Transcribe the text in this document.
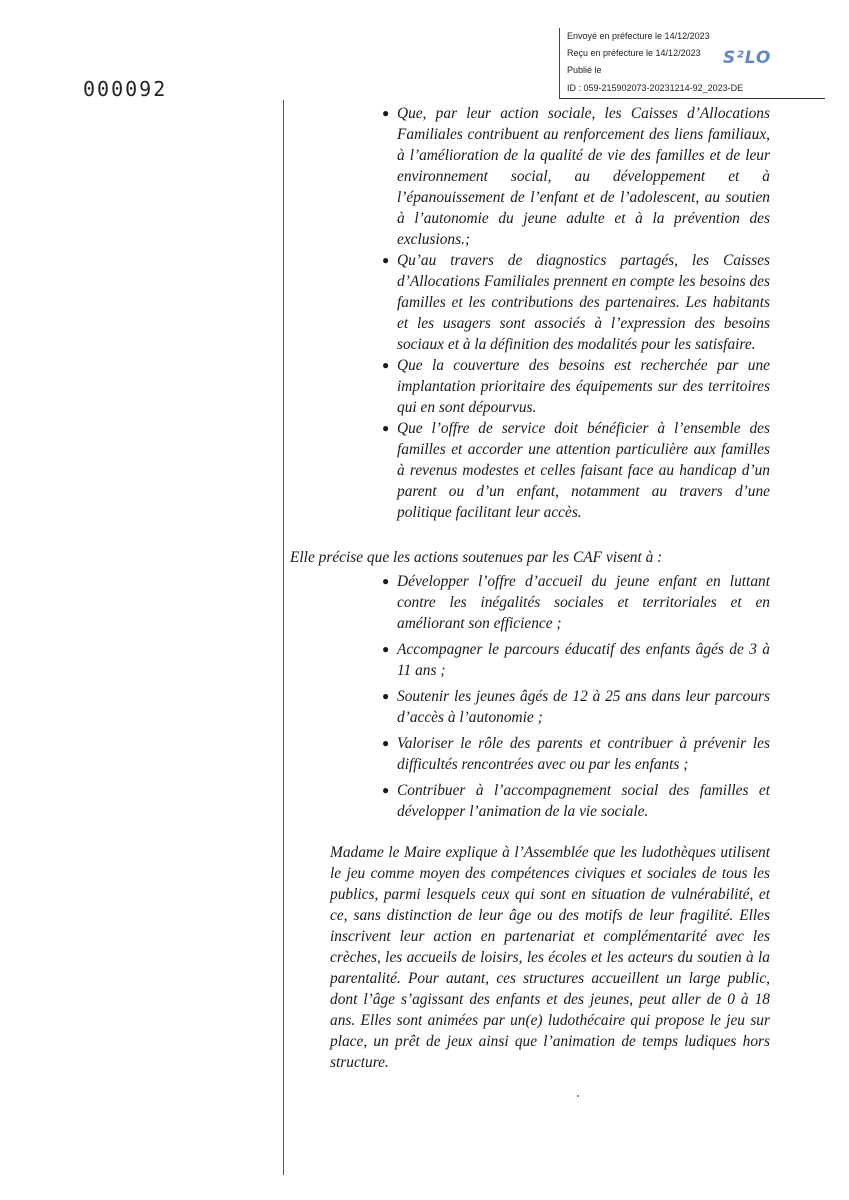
Envoyé en préfecture le 14/12/2023
Reçu en préfecture le 14/12/2023
Publié le
ID : 059-215902073-20231214-92_2023-DE
S²LO
000092
● Que, par leur action sociale, les Caisses d’Allocations Familiales contribuent au renforcement des liens familiaux, à l’amélioration de la qualité de vie des familles et de leur environnement social, au développement et à l’épanouissement de l’enfant et de l’adolescent, au soutien à l’autonomie du jeune adulte et à la prévention des exclusions.;
● Qu’au travers de diagnostics partagés, les Caisses d’Allocations Familiales prennent en compte les besoins des familles et les contributions des partenaires. Les habitants et les usagers sont associés à l’expression des besoins sociaux et à la définition des modalités pour les satisfaire.
● Que la couverture des besoins est recherchée par une implantation prioritaire des équipements sur des territoires qui en sont dépourvus.
● Que l’offre de service doit bénéficier à l’ensemble des familles et accorder une attention particulière aux familles à revenus modestes et celles faisant face au handicap d’un parent ou d’un enfant, notamment au travers d’une politique facilitant leur accès.
Elle précise que les actions soutenues par les CAF visent à :
● Développer l’offre d’accueil du jeune enfant en luttant contre les inégalités sociales et territoriales et en améliorant son efficience ;
● Accompagner le parcours éducatif des enfants âgés de 3 à 11 ans ;
● Soutenir les jeunes âgés de 12 à 25 ans dans leur parcours d’accès à l’autonomie ;
● Valoriser le rôle des parents et contribuer à prévenir les difficultés rencontrées avec ou par les enfants ;
● Contribuer à l’accompagnement social des familles et développer l’animation de la vie sociale.
Madame le Maire explique à l’Assemblée que les ludothèques utilisent le jeu comme moyen des compétences civiques et sociales de tous les publics, parmi lesquels ceux qui sont en situation de vulnérabilité, et ce, sans distinction de leur âge ou des motifs de leur fragilité. Elles inscrivent leur action en partenariat et complémentarité avec les crèches, les accueils de loisirs, les écoles et les acteurs du soutien à la parentalité. Pour autant, ces structures accueillent un large public, dont l’âge s’agissant des enfants et des jeunes, peut aller de 0 à 18 ans. Elles sont animées par un(e) ludothécaire qui propose le jeu sur place, un prêt de jeux ainsi que l’animation de temps ludiques hors structure.
